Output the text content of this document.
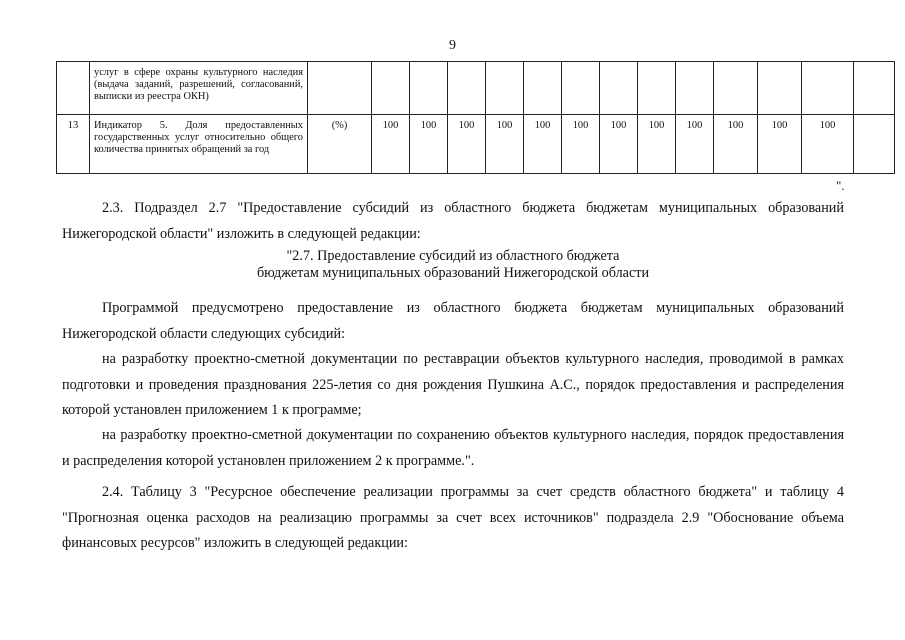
9
	услуг в сфере охраны культурного наследия (выдача заданий, разрешений, согласований, выписки из реестра ОКН)														
13	Индикатор 5. Доля предоставленных государственных услуг относительно общего количества принятых обращений за год	(%)	100	100	100	100	100	100	100	100	100	100	100	100	
".
2.3. Подраздел 2.7 "Предоставление субсидий из областного бюджета бюджетам муниципальных образований Нижегородской области" изложить в следующей редакции:
"2.7. Предоставление субсидий из областного бюджета
бюджетам муниципальных образований Нижегородской области
Программой предусмотрено предоставление из областного бюджета бюджетам муниципальных образований Нижегородской области следующих субсидий:
на разработку проектно-сметной документации по реставрации объектов культурного наследия, проводимой в рамках подготовки и проведения празднования 225-летия со дня рождения Пушкина А.С., порядок предоставления и распределения которой установлен приложением 1 к программе;
на разработку проектно-сметной документации по сохранению объектов культурного наследия, порядок предоставления и распределения которой установлен приложением 2 к программе.".
2.4. Таблицу 3 "Ресурсное обеспечение реализации программы за счет средств областного бюджета" и таблицу 4 "Прогнозная оценка расходов на реализацию программы за счет всех источников" подраздела 2.9 "Обоснование объема финансовых ресурсов" изложить в следующей редакции:
